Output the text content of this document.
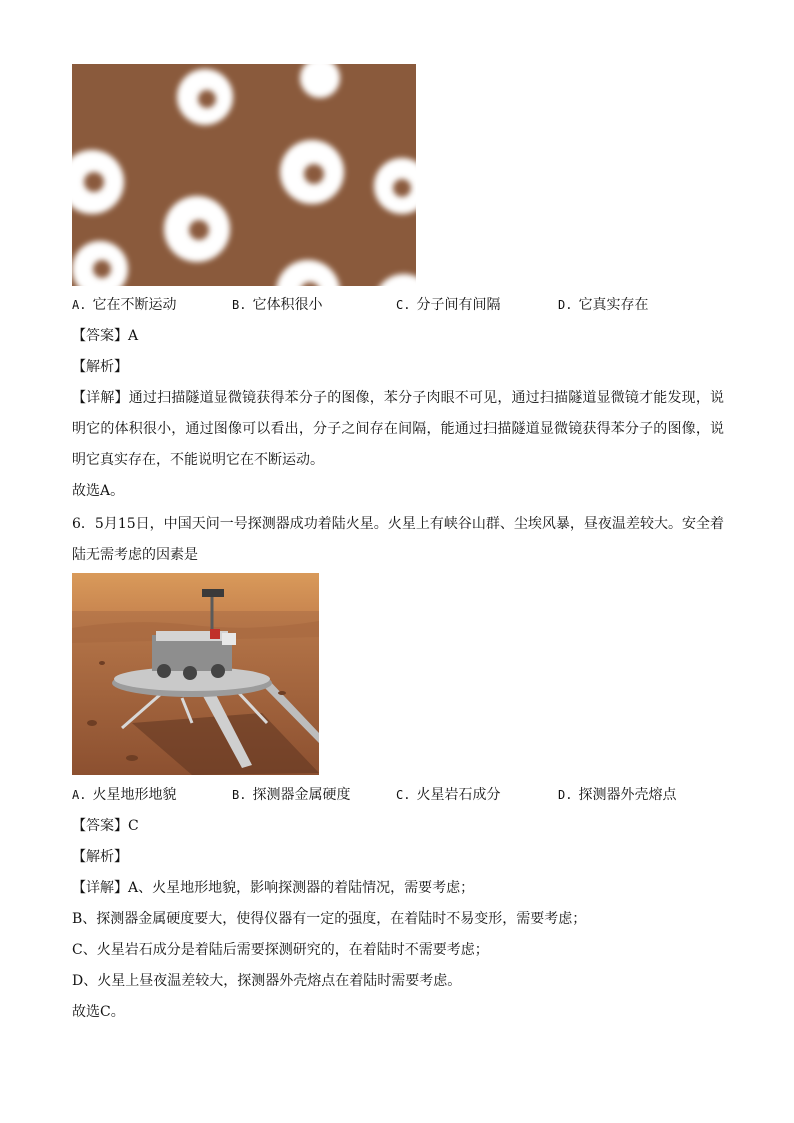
A. 它在不断运动	B. 它体积很小	C. 分子间有间隔	D. 它真实存在
【答案】A
【解析】
【详解】通过扫描隧道显微镜获得苯分子的图像，苯分子肉眼不可见，通过扫描隧道显微镜才能发现，说明它的体积很小，通过图像可以看出，分子之间存在间隔，能通过扫描隧道显微镜获得苯分子的图像，说明它真实存在，不能说明它在不断运动。
故选A。
6．5月15日，中国天问一号探测器成功着陆火星。火星上有峡谷山群、尘埃风暴，昼夜温差较大。安全着陆无需考虑的因素是
A. 火星地形地貌	B. 探测器金属硬度	C. 火星岩石成分	D. 探测器外壳熔点
【答案】C
【解析】
【详解】A、火星地形地貌，影响探测器的着陆情况，需要考虑；
B、探测器金属硬度要大，使得仪器有一定的强度，在着陆时不易变形，需要考虑；
C、火星岩石成分是着陆后需要探测研究的，在着陆时不需要考虑；
D、火星上昼夜温差较大，探测器外壳熔点在着陆时需要考虑。
故选C。
